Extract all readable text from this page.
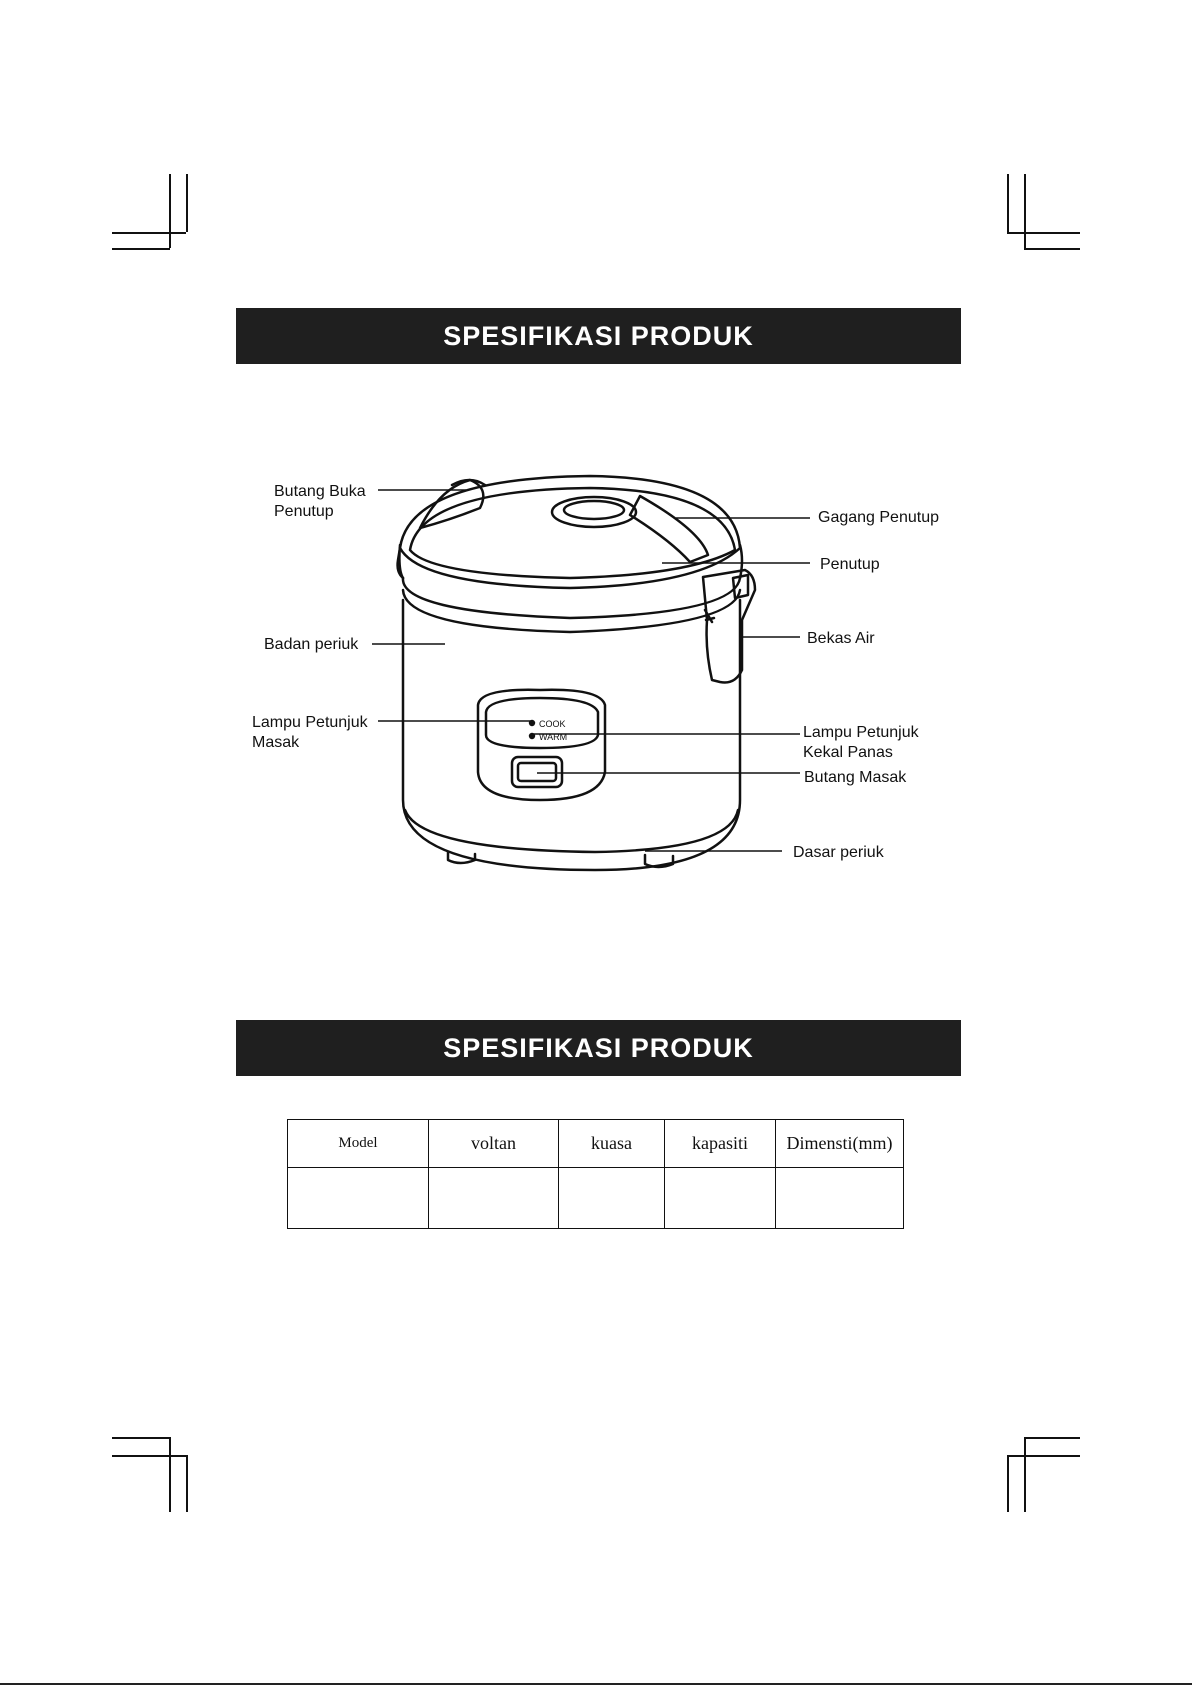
SPESIFIKASI PRODUK
SPESIFIKASI PRODUK
COOK
WARM
Butang Buka Penutup	Gagang Penutup
Penutup
Badan periuk	Bekas Air
Lampu Petunjuk Masak
Lampu Petunjuk Kekal Panas
Butang Masak
Dasar periuk
Model	voltan	kuasa	kapasiti	Dimensti(mm)
